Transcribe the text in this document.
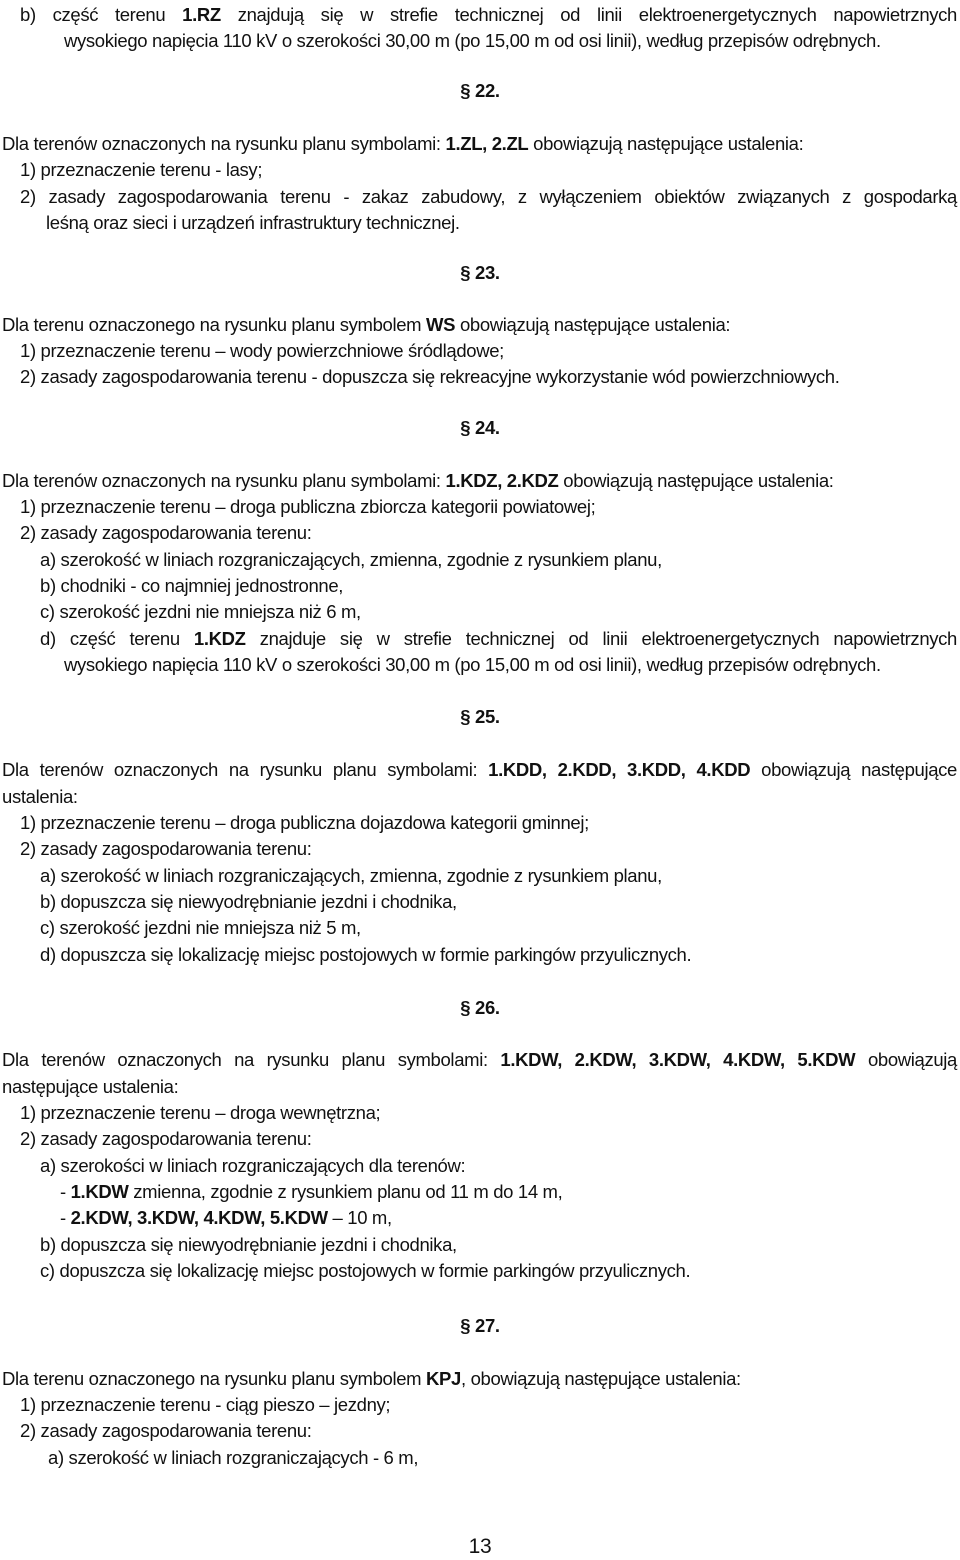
b) część terenu 1.RZ znajdują się w strefie technicznej od linii elektroenergetycznych napowietrznych
wysokiego napięcia 110 kV o szerokości 30,00 m (po 15,00 m od osi linii), według przepisów odrębnych.
§ 22.
Dla terenów oznaczonych na rysunku planu symbolami: 1.ZL, 2.ZL obowiązują następujące ustalenia:
1) przeznaczenie terenu - lasy;
2) zasady zagospodarowania terenu - zakaz zabudowy, z wyłączeniem obiektów związanych z gospodarką
leśną oraz sieci i urządzeń infrastruktury technicznej.
§ 23.
Dla terenu oznaczonego na rysunku planu symbolem WS obowiązują następujące ustalenia:
1) przeznaczenie terenu – wody powierzchniowe śródlądowe;
2) zasady zagospodarowania terenu - dopuszcza się rekreacyjne wykorzystanie wód powierzchniowych.
§ 24.
Dla terenów oznaczonych na rysunku planu symbolami: 1.KDZ, 2.KDZ obowiązują następujące ustalenia:
1) przeznaczenie terenu – droga publiczna zbiorcza kategorii powiatowej;
2) zasady zagospodarowania terenu:
a) szerokość w liniach rozgraniczających, zmienna, zgodnie z rysunkiem planu,
b) chodniki - co najmniej jednostronne,
c) szerokość jezdni nie mniejsza niż 6 m,
d) część terenu 1.KDZ znajduje się w strefie technicznej od linii elektroenergetycznych napowietrznych
wysokiego napięcia 110 kV o szerokości 30,00 m (po 15,00 m od osi linii), według przepisów odrębnych.
§ 25.
Dla terenów oznaczonych na rysunku planu symbolami: 1.KDD, 2.KDD, 3.KDD, 4.KDD obowiązują następujące
ustalenia:
1) przeznaczenie terenu – droga publiczna dojazdowa kategorii gminnej;
2) zasady zagospodarowania terenu:
a) szerokość w liniach rozgraniczających, zmienna, zgodnie z rysunkiem planu,
b) dopuszcza się niewyodrębnianie jezdni i chodnika,
c) szerokość jezdni nie mniejsza niż 5 m,
d) dopuszcza się lokalizację miejsc postojowych w formie parkingów przyulicznych.
§ 26.
Dla terenów oznaczonych na rysunku planu symbolami: 1.KDW, 2.KDW, 3.KDW, 4.KDW, 5.KDW obowiązują
następujące ustalenia:
1) przeznaczenie terenu – droga wewnętrzna;
2) zasady zagospodarowania terenu:
a) szerokości w liniach rozgraniczających dla terenów:
- 1.KDW zmienna, zgodnie z rysunkiem planu od 11 m do 14 m,
- 2.KDW, 3.KDW, 4.KDW, 5.KDW – 10 m,
b) dopuszcza się niewyodrębnianie jezdni i chodnika,
c) dopuszcza się lokalizację miejsc postojowych w formie parkingów przyulicznych.
§ 27.
Dla terenu oznaczonego na rysunku planu symbolem KPJ, obowiązują następujące ustalenia:
1) przeznaczenie terenu - ciąg pieszo – jezdny;
2) zasady zagospodarowania terenu:
a) szerokość w liniach rozgraniczających - 6 m,
13
